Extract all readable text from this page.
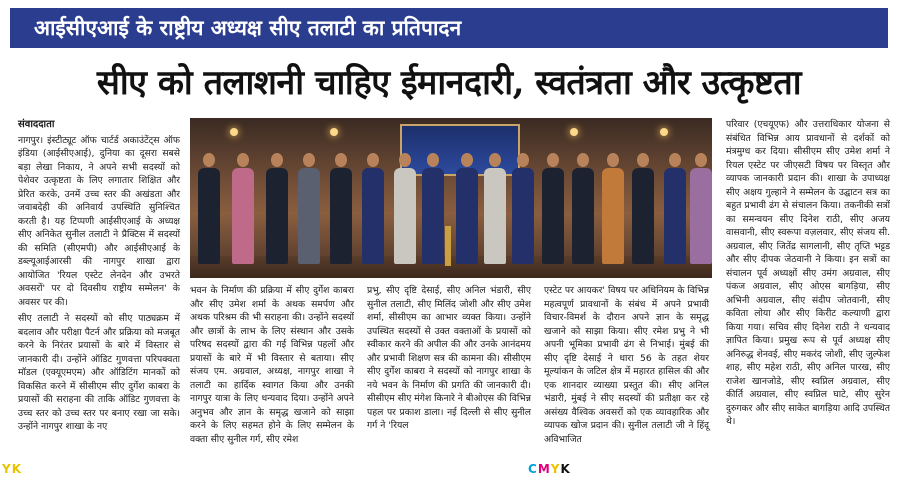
आईसीएआई के राष्ट्रीय अध्यक्ष सीए तलाटी का प्रतिपादन
सीए को तलाशनी चाहिए ईमानदारी, स्वतंत्रता और उत्कृष्टता
संवाददाता

नागपुर। इंस्टीट्यूट ऑफ चार्टर्ड अकाउंटेंट्स ऑफ इंडिया (आईसीएआई), दुनिया का दूसरा सबसे बड़ा लेखा निकाय, ने अपने सभी सदस्यों को पेशेवर उत्कृष्टता के लिए लगातार शिक्षित और प्रेरित करके, उनमें उच्च स्तर की अखंडता और जवाबदेही की अनिवार्य उपस्थिति सुनिश्चित करती है। यह टिप्पणी आईसीएआई के अध्यक्ष सीए अनिकेत सुनील तलाटी ने प्रैक्टिस में सदस्यों की समिति (सीएमपी) और आईसीएआई के डब्ल्यूआईआरसी की नागपुर शाखा द्वारा आयोजित 'रियल एस्टेट लेनदेन और उभरते अवसरों' पर दो दिवसीय राष्ट्रीय सम्मेलन' के अवसर पर की।

सीए तलाटी ने सदस्यों को सीए पाठ्यक्रम में बदलाव और परीक्षा पैटर्न और प्रक्रिया को मजबूत करने के निरंतर प्रयासों के बारे में विस्तार से जानकारी दी। उन्होंने ऑडिट गुणवत्ता परिपक्वता मॉडल (एक्यूएमएम) और ऑडिटिंग मानकों को विकसित करने में सीसीएम सीए दुर्गेश काबरा के प्रयासों की सराहना की ताकि ऑडिट गुणवत्ता के उच्च स्तर को उच्च स्तर पर बनाए रखा जा सके। उन्होंने नागपुर शाखा के नए

भवन के निर्माण की प्रक्रिया में सीए दुर्गेश काबरा और सीए उमेश शर्मा के अथक समर्पण और अथक परिश्रम की भी सराहना की। उन्होंने सदस्यों और छात्रों के लाभ के लिए संस्थान और उसके परिषद सदस्यों द्वारा की गई विभिन्न पहलों और प्रयासों के बारे में भी विस्तार से बताया। सीए संजय एम. अग्रवाल, अध्यक्ष, नागपुर शाखा ने तलाटी का हार्दिक स्वागत किया और उनकी नागपुर यात्रा के लिए धन्यवाद दिया। उन्होंने अपने अनुभव और ज्ञान के समृद्ध खजाने को साझा करने के लिए सहमत होने के लिए सम्मेलन के वक्ता सीए सुनील गर्ग, सीए रमेश

प्रभु, सीए दृष्टि देसाई, सीए अनिल भंडारी, सीए सुनील तलाटी, सीए मिलिंद जोशी और सीए उमेश शर्मा, सीसीएम का आभार व्यक्त किया। उन्होंने उपस्थित सदस्यों से उक्त वक्ताओं के प्रयासों को स्वीकार करने की अपील की और उनके आनंदमय और प्रभावी शिक्षण सत्र की कामना की। सीसीएम सीए दुर्गेश काबरा ने सदस्यों को नागपुर शाखा के नये भवन के निर्माण की प्रगति की जानकारी दी। सीसीएम सीए मंगेश किनारे ने बीओएस की विभिन्न पहल पर प्रकाश डाला। नई दिल्ली से सीए सुनील गर्ग ने 'रियल

एस्टेट पर आयकर' विषय पर अधिनियम के विभिन्न महत्वपूर्ण प्रावधानों के संबंध में अपने प्रभावी विचार-विमर्श के दौरान अपने ज्ञान के समृद्ध खजाने को साझा किया। सीए रमेश प्रभु ने भी अपनी भूमिका प्रभावी ढंग से निभाई। मुंबई की सीए दृष्टि देसाई ने धारा 56 के तहत शेयर मूल्यांकन के जटिल क्षेत्र में महारत हासिल की और एक शानदार व्याख्या प्रस्तुत की। सीए अनिल भंडारी, मुंबई ने सीए सदस्यों की प्रतीक्षा कर रहे असंख्य वैश्विक अवसरों को एक व्यावहारिक और व्यापक खोज प्रदान की। सुनील तलाटी जी ने हिंदू अविभाजित

परिवार (एचयूएफ) और उत्तराधिकार योजना से संबंधित विभिन्न आय प्रावधानों से दर्शकों को मंत्रमुग्ध कर दिया। सीसीएम सीए उमेश शर्मा ने रियल एस्टेट पर जीएसटी विषय पर विस्तृत और व्यापक जानकारी प्रदान की। शाखा के उपाध्यक्ष सीए अक्षय गुल्हाने ने सम्मेलन के उद्घाटन सत्र का बहुत प्रभावी ढंग से संचालन किया। तकनीकी सत्रों का समन्वयन सीए दिनेश राठी, सीए अजय वासवानी, सीए स्वरूपा वज़लवार, सीए संजय सी. अग्रवाल, सीए जितेंद्र सागलानी, सीए तृप्ति भट्टड और सीए दीपक जेठवानी ने किया। इन सत्रों का संचालन पूर्व अध्यक्षों सीए उमंग अग्रवाल, सीए पंकज अग्रवाल, सीए ओएस बागड़िया, सीए अभिनी अग्रवाल, सीए संदीप जोतवानी, सीए कविता लोया और सीए किरीट कल्याणी द्वारा किया गया। सचिव सीए दिनेश राठी ने धन्यवाद ज्ञापित किया। प्रमुख रूप से पूर्व अध्यक्ष सीए अनिरुद्ध शेनवई, सीए मकरंद जोशी, सीए जुल्फेश शाह, सीए महेश राठी, सीए अनिल पारख, सीए राजेश खानजोडे, सीए स्वप्निल अग्रवाल, सीए कीर्ति अग्रवाल, सीए स्वप्निल घाटे, सीए सुरेन दुरुगकर और सीए साकेत बागड़िया आदि उपस्थित थे।

YK	CMYK
